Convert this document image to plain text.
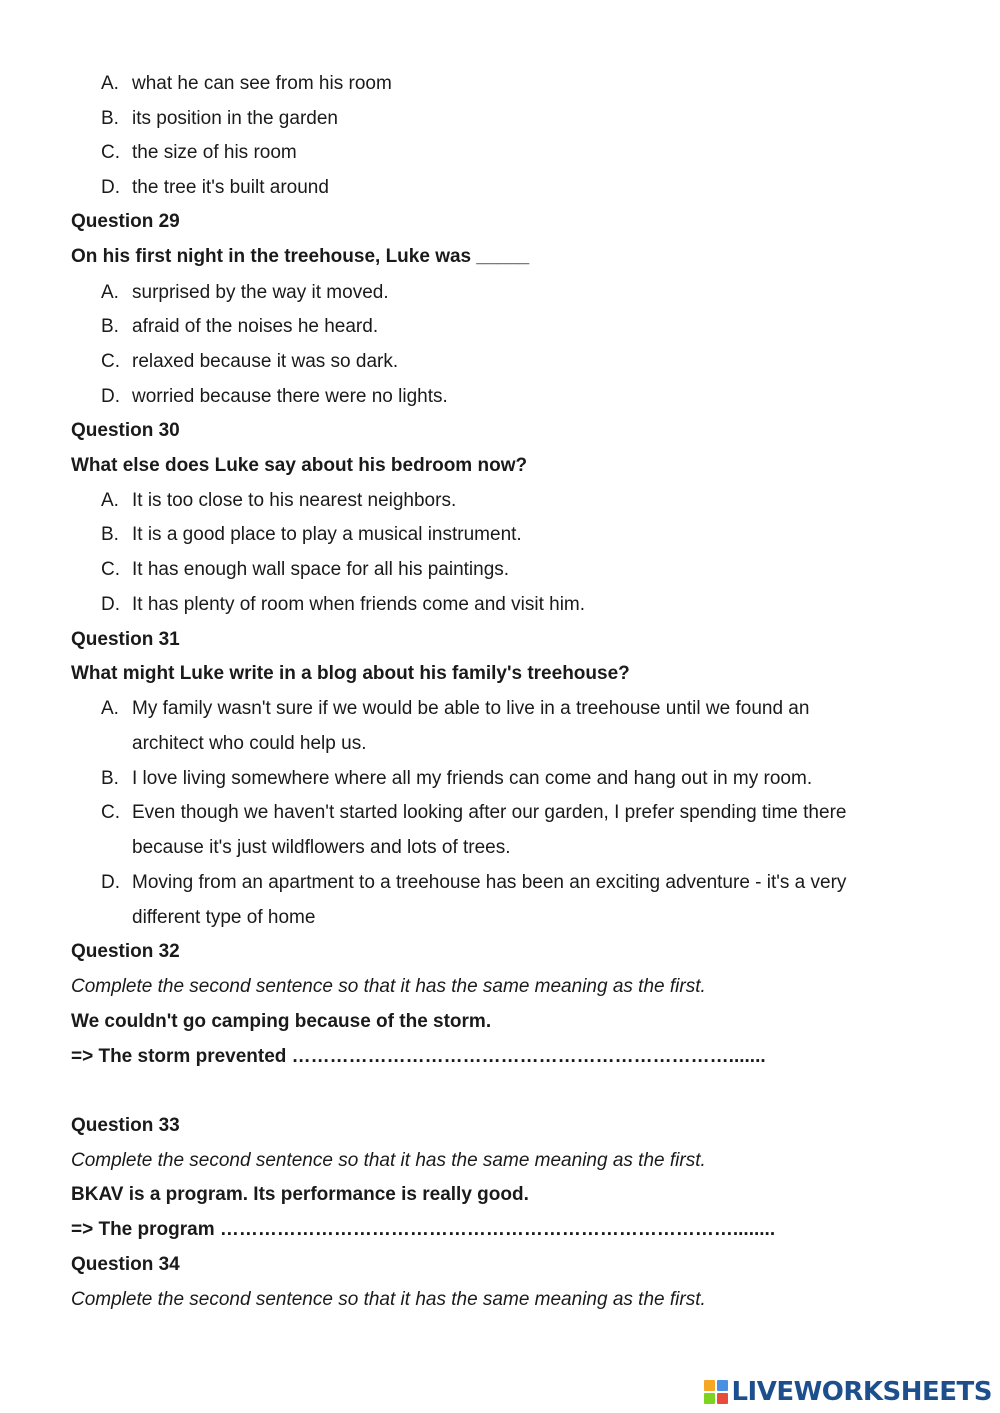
A. what he can see from his room
B. its position in the garden
C. the size of his room
D. the tree it's built around
Question 29
On his first night in the treehouse, Luke was _____
A. surprised by the way it moved.
B. afraid of the noises he heard.
C. relaxed because it was so dark.
D. worried because there were no lights.
Question 30
What else does Luke say about his bedroom now?
A. It is too close to his nearest neighbors.
B. It is a good place to play a musical instrument.
C. It has enough wall space for all his paintings.
D. It has plenty of room when friends come and visit him.
Question 31
What might Luke write in a blog about his family's treehouse?
A. My family wasn't sure if we would be able to live in a treehouse until we found an
architect who could help us.
B. I love living somewhere where all my friends can come and hang out in my room.
C. Even though we haven't started looking after our garden, I prefer spending time there
because it's just wildflowers and lots of trees.
D. Moving from an apartment to a treehouse has been an exciting adventure - it's a very
different type of home
Question 32
Complete the second sentence so that it has the same meaning as the first.
We couldn't go camping because of the storm.
=> The storm prevented …………………………………………………………….......
Question 33
Complete the second sentence so that it has the same meaning as the first.
BKAV is a program. Its performance is really good.
=> The program ………………………………………………………………………........
Question 34
Complete the second sentence so that it has the same meaning as the first.
LIVEWORKSHEETS
